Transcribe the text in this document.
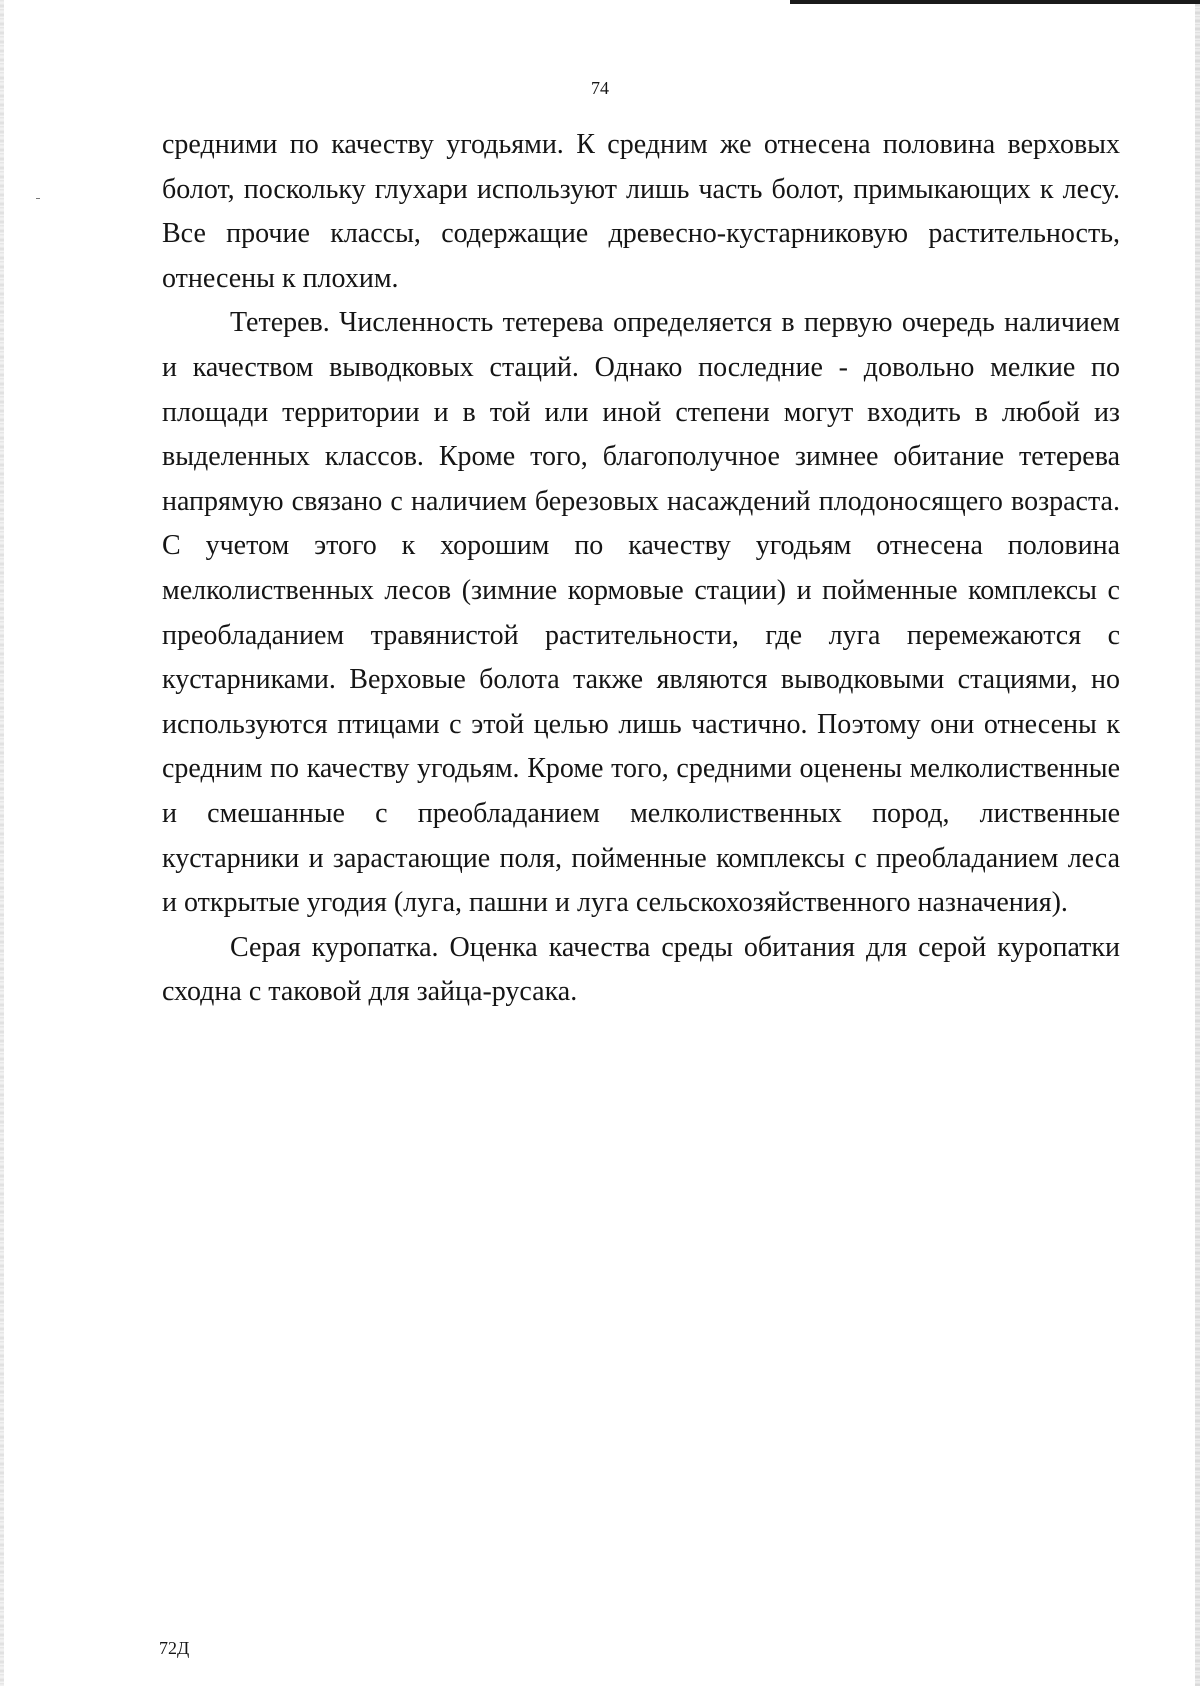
74

средними по качеству угодьями. К средним же отнесена половина верховых болот, поскольку глухари используют лишь часть болот, примыкающих к лесу. Все прочие классы, содержащие древесно-кустарниковую растительность, отнесены к плохим.

Тетерев. Численность тетерева определяется в первую очередь наличием и качеством выводковых стаций. Однако последние - довольно мелкие по площади территории и в той или иной степени могут входить в любой из выделенных классов. Кроме того, благополучное зимнее обитание тетерева напрямую связано с наличием березовых насаждений плодоносящего возраста. С учетом этого к хорошим по качеству угодьям отнесена половина мелколиственных лесов (зимние кормовые стации) и пойменные комплексы с преобладанием травянистой растительности, где луга перемежаются с кустарниками. Верховые болота также являются выводковыми стациями, но используются птицами с этой целью лишь частично. Поэтому они отнесены к средним по качеству угодьям. Кроме того, средними оценены мелколиственные и смешанные с преобладанием мелколиственных пород, лиственные кустарники и зарастающие поля, пойменные комплексы с преобладанием леса и открытые угодия (луга, пашни и луга сельскохозяйственного назначения).

Серая куропатка. Оценка качества среды обитания для серой куропатки сходна с таковой для зайца-русака.

72Д
